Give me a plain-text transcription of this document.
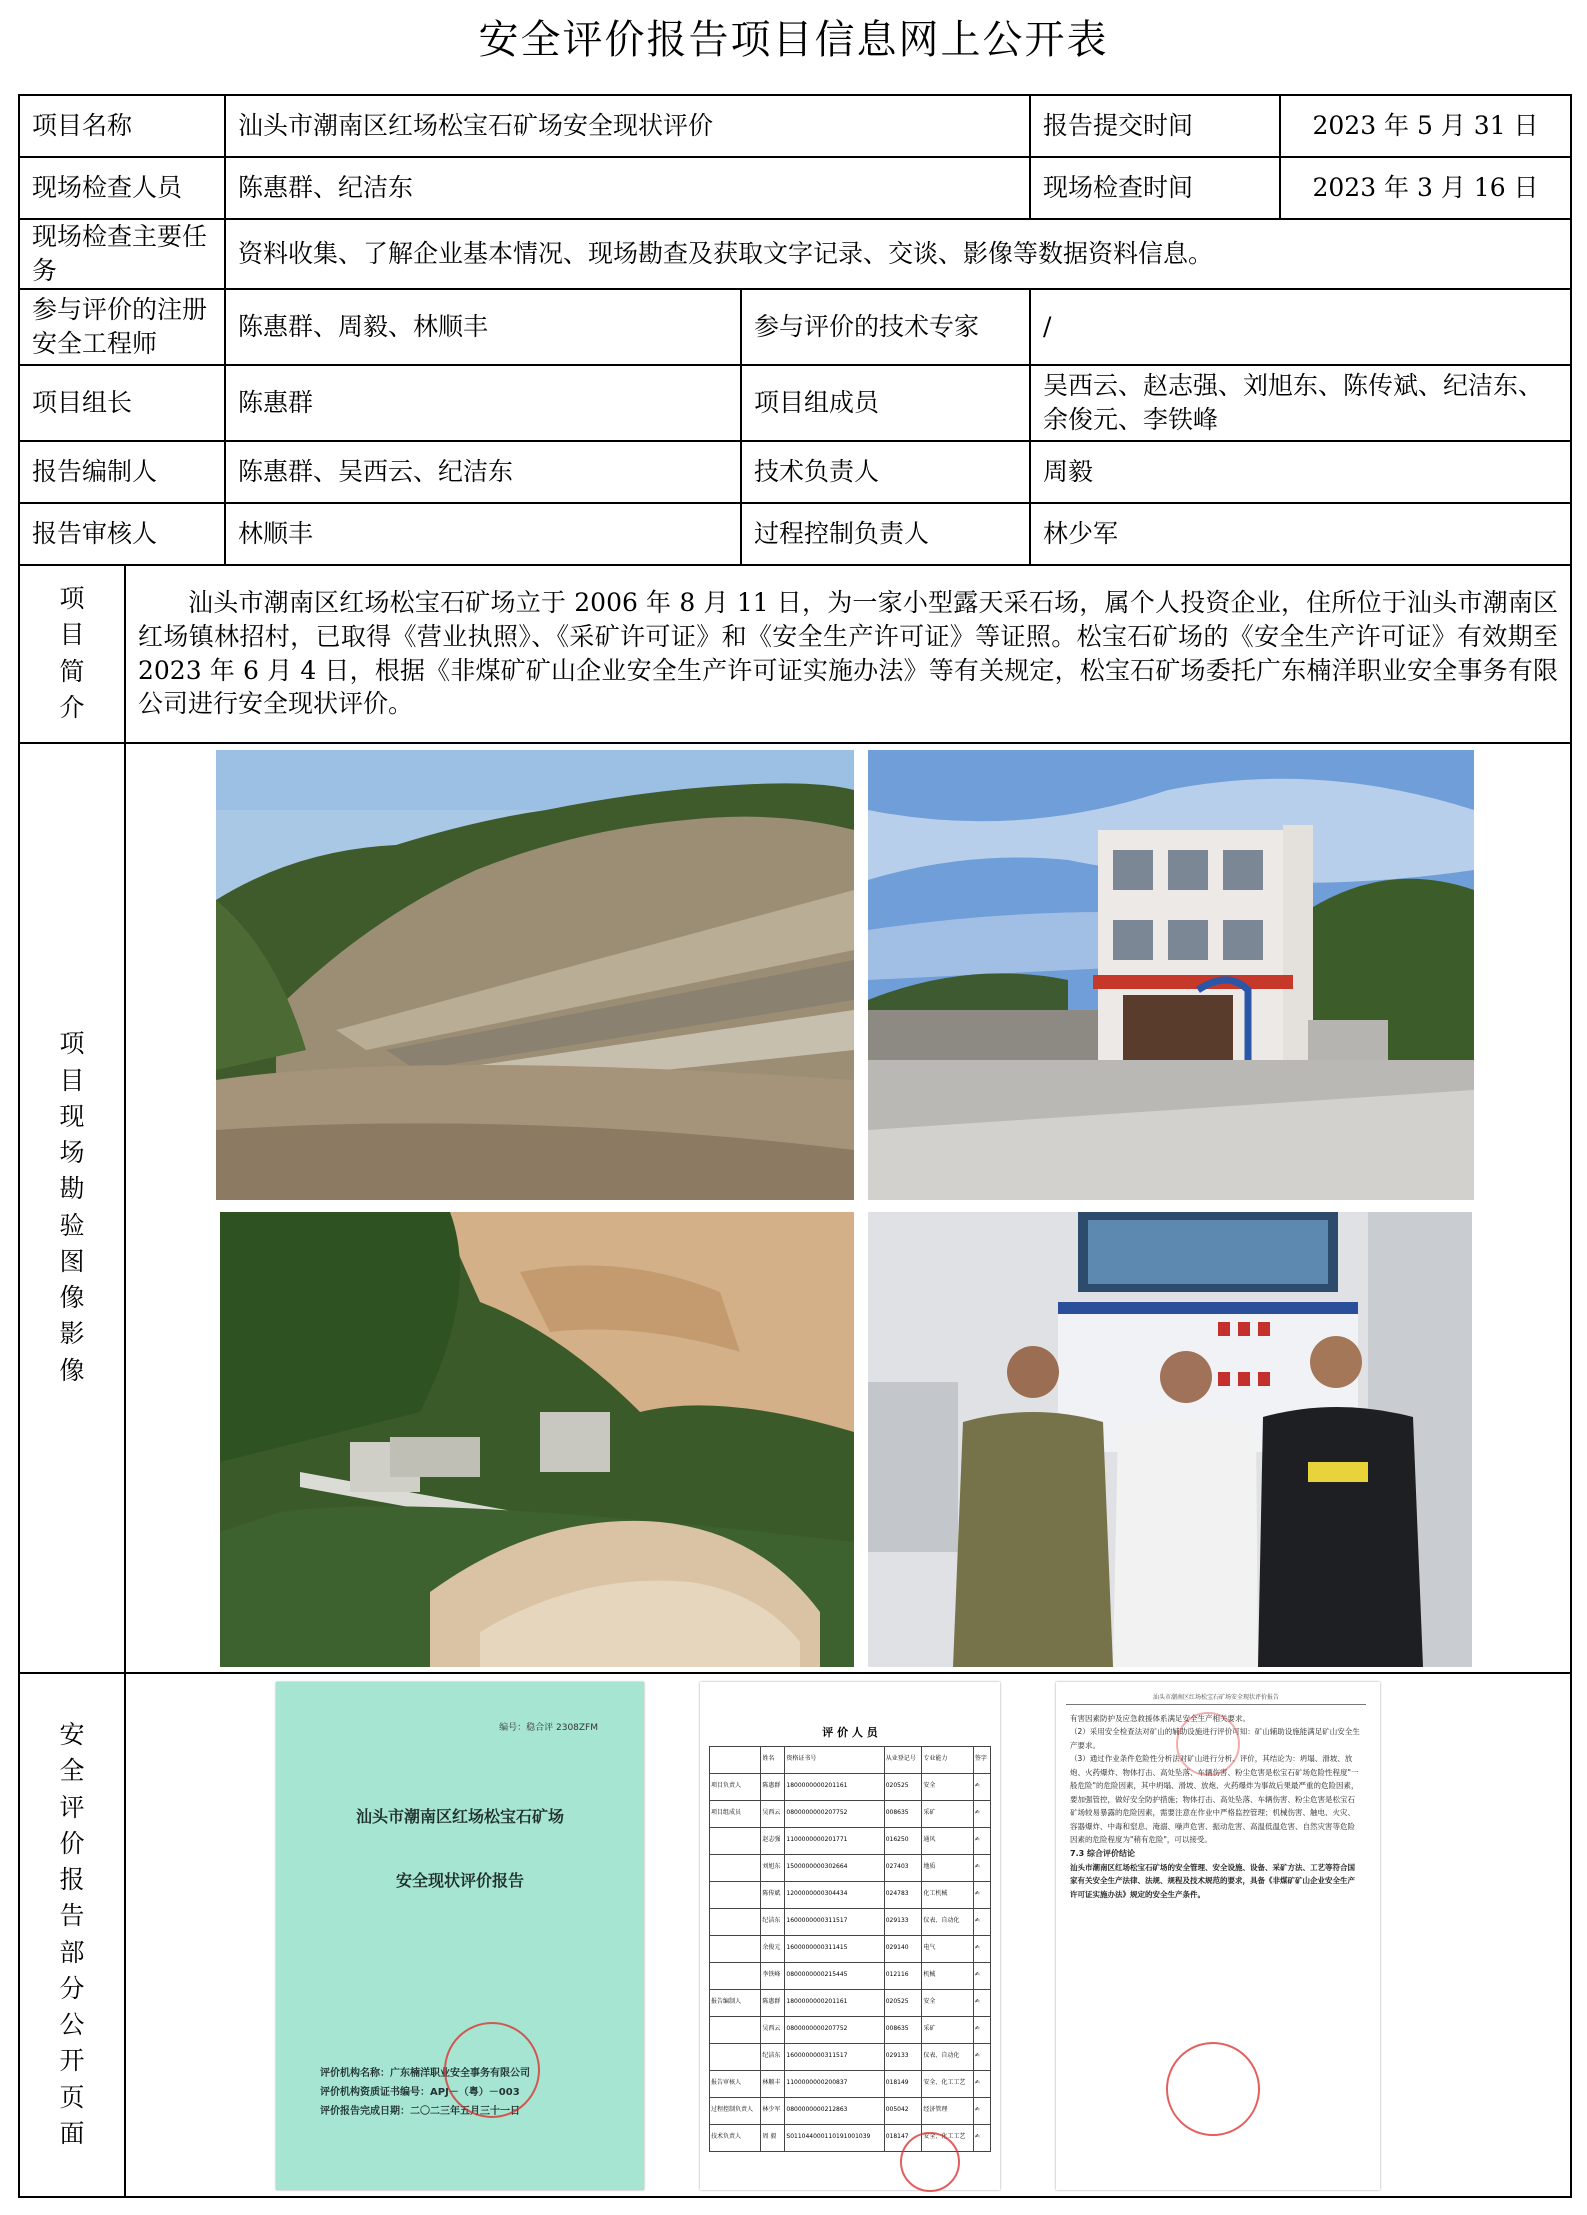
安全评价报告项目信息网上公开表
项目名称	汕头市潮南区红场松宝石矿场安全现状评价		报告提交时间	2023 年 5 月 31 日

现场检查人员	陈惠群、纪洁东		现场检查时间	2023 年 3 月 16 日

现场检查主要任务	资料收集、了解企业基本情况、现场勘查及获取文字记录、交谈、影像等数据资料信息。
参与评价的注册安全工程师	陈惠群、周毅、林顺丰	参与评价的技术专家	/
项目组长	陈惠群	项目组成员	吴西云、赵志强、刘旭东、陈传斌、纪洁东、余俊元、李铁峰
报告编制人	陈惠群、吴西云、纪洁东	技术负责人	周毅
报告审核人	林顺丰	过程控制负责人	林少军

项目简介
	汕头市潮南区红场松宝石矿场立于 2006 年 8 月 11 日，为一家小型露天采石场，属个人投资企业，住所位于汕头市潮南区红场镇林招村，已取得《营业执照》、《采矿许可证》和《安全生产许可证》等证照。松宝石矿场的《安全生产许可证》有效期至 2023 年 6 月 4 日，根据《非煤矿矿山企业安全生产许可证实施办法》等有关规定，松宝石矿场委托广东楠洋职业安全事务有限公司进行安全现状评价。

项目现场勘验图像影像

安全评价报告部分公开页面

编号：稳合评 2308ZFM
汕头市潮南区红场松宝石矿场
安全现状评价报告
评价机构名称：广东楠洋职业安全事务有限公司
评价机构资质证书编号：APJ－（粤）－003
评价报告完成日期：二〇二三年五月三十一日
评 价 人 员
	姓名	资格证书号	从业登记号	专业能力	签字
项目负责人	陈惠群	1800000000201161	020525	安全	✍
项目组成员	吴西云	0800000000207752	008635	采矿	✍
	赵志强	1100000000201771	016250	通风	✍
	刘旭东	1500000000302664	027403	地质	✍
	陈传斌	1200000000304434	024783	化工机械	✍
	纪洁东	1600000000311517	029133	仪表、自动化	✍
	余俊元	1600000000311415	029140	电气	✍
	李铁峰	0800000000215445	012116	机械	✍
报告编制人	陈惠群	1800000000201161	020525	安全	✍
	吴西云	0800000000207752	008635	采矿	✍
	纪洁东	1600000000311517	029133	仪表、自动化	✍
报告审核人	林顺丰	1100000000200837	018149	安全、化工工艺	✍
过程控制负责人	林少军	0800000000212863	005042	经济管理	✍
技术负责人	周 毅	S011044000110191001039	018147	安全、化工工艺	✍
汕头市潮南区红场松宝石矿场安全现状评价报告

有害因素防护及应急救援体系满足安全生产相关要求。

（2）采用安全检查法对矿山的辅助设施进行评价可知：矿山辅助设施能满足矿山安全生产要求。

（3）通过作业条件危险性分析法对矿山进行分析、评价，其结论为：坍塌、滑坡、放炮、火药爆炸、物体打击、高处坠落、车辆伤害、粉尘危害是松宝石矿场危险性程度"一般危险"的危险因素，其中坍塌、滑坡、放炮、火药爆炸为事故后果最严重的危险因素，要加强管控，做好安全防护措施；物体打击、高处坠落、车辆伤害、粉尘危害是松宝石矿场较易暴露的危险因素，需要注意在作业中严格监控管理；机械伤害、触电、火灾、容器爆炸、中毒和窒息、淹溺、噪声危害、振动危害、高温低温危害、自然灾害等危险因素的危险程度为"稍有危险"，可以接受。

7.3 综合评价结论

汕头市潮南区红场松宝石矿场的安全管理、安全设施、设备、采矿方法、工艺等符合国家有关安全生产法律、法规、规程及技术规范的要求，具备《非煤矿矿山企业安全生产许可证实施办法》规定的安全生产条件。
